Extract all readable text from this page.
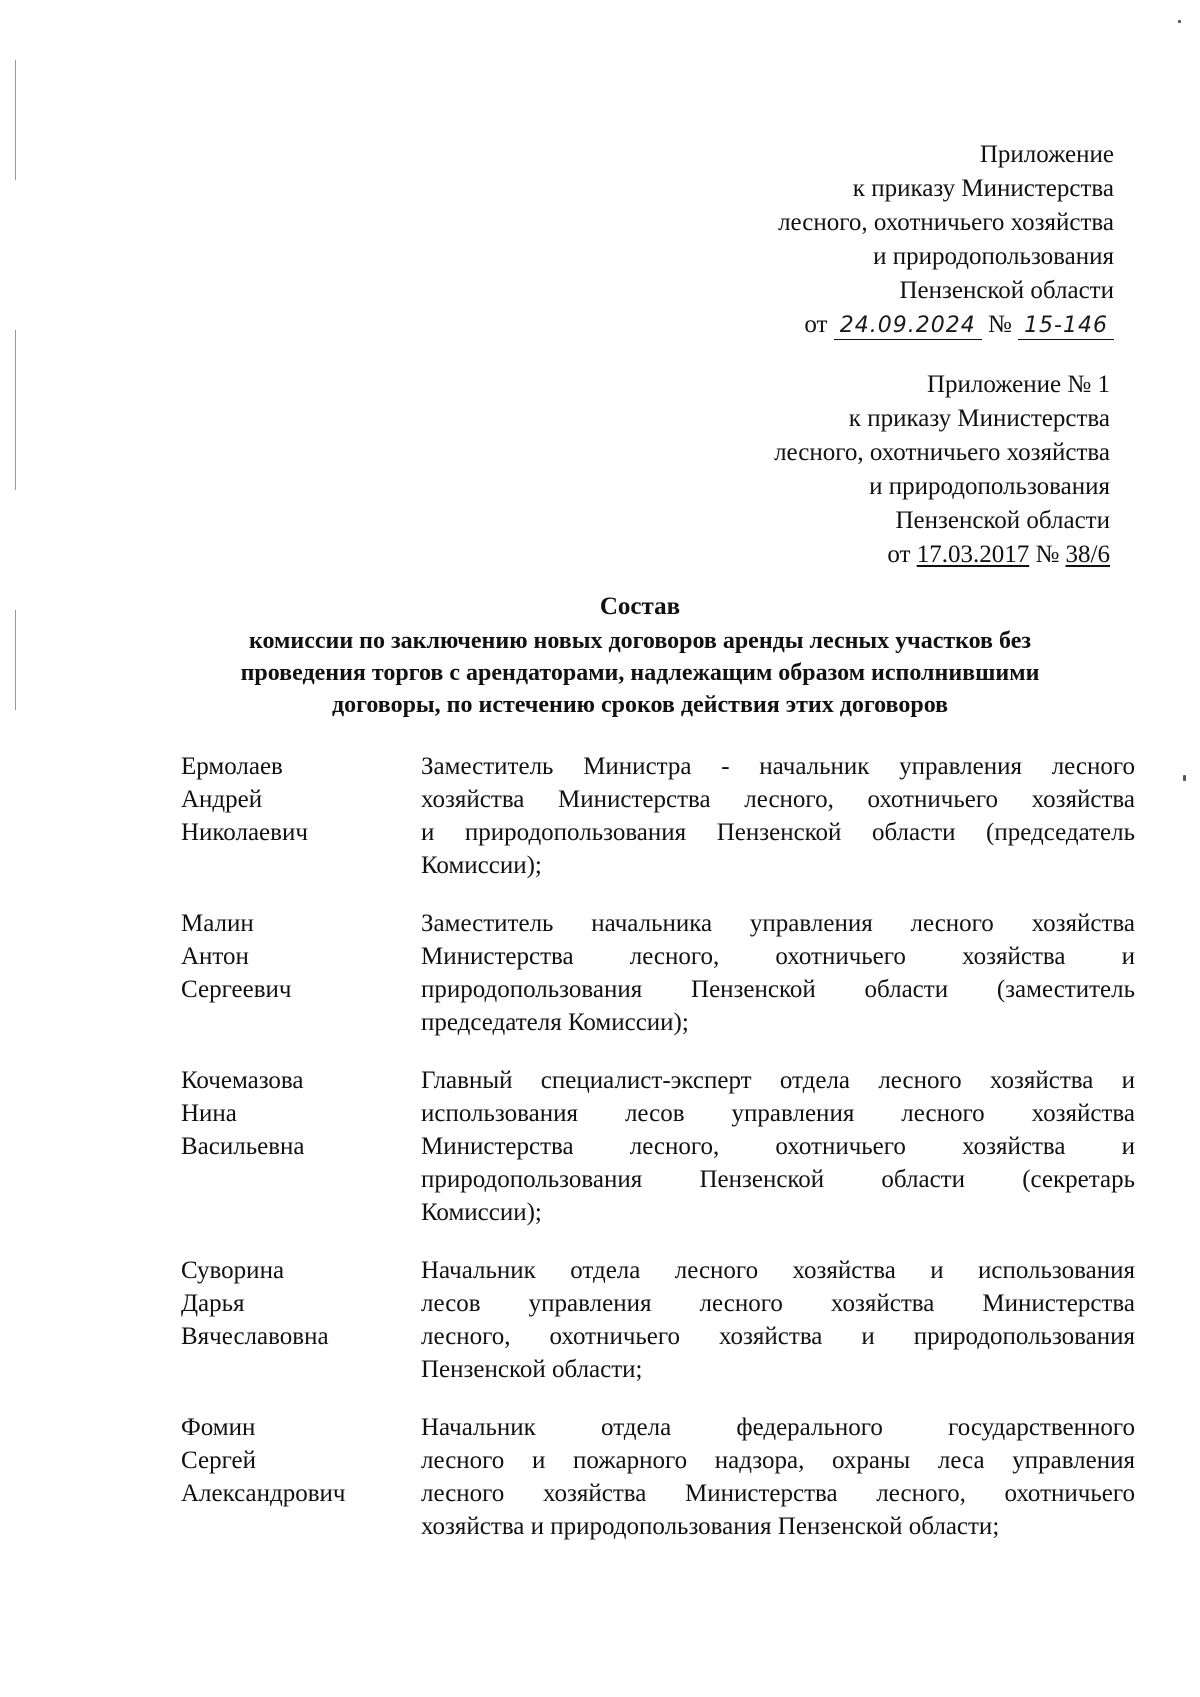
Приложение
к приказу Министерства
лесного, охотничьего хозяйства
и природопользования
Пензенской области
от 24.09.2024 № 15-146
Приложение № 1
к приказу Министерства
лесного, охотничьего хозяйства
и природопользования
Пензенской области
от 17.03.2017 № 38/6
Состав
комиссии по заключению новых договоров аренды лесных участков без
проведения торгов с арендаторами, надлежащим образом исполнившими
договоры, по истечению сроков действия этих договоров
Ермолаев
Андрей
Николаевич
Заместитель Министра - начальник управления лесного
хозяйства Министерства лесного, охотничьего хозяйства
и природопользования Пензенской области (председатель
Комиссии);
Малин
Антон
Сергеевич
Заместитель начальника управления лесного хозяйства
Министерства лесного, охотничьего хозяйства и
природопользования Пензенской области (заместитель
председателя Комиссии);
Кочемазова
Нина
Васильевна
Главный специалист-эксперт отдела лесного хозяйства и
использования лесов управления лесного хозяйства
Министерства лесного, охотничьего хозяйства и
природопользования Пензенской области (секретарь
Комиссии);
Суворина
Дарья
Вячеславовна
Начальник отдела лесного хозяйства и использования
лесов управления лесного хозяйства Министерства
лесного, охотничьего хозяйства и природопользования
Пензенской области;
Фомин
Сергей
Александрович
Начальник отдела федерального государственного
лесного и пожарного надзора, охраны леса управления
лесного хозяйства Министерства лесного, охотничьего
хозяйства и природопользования Пензенской области;
